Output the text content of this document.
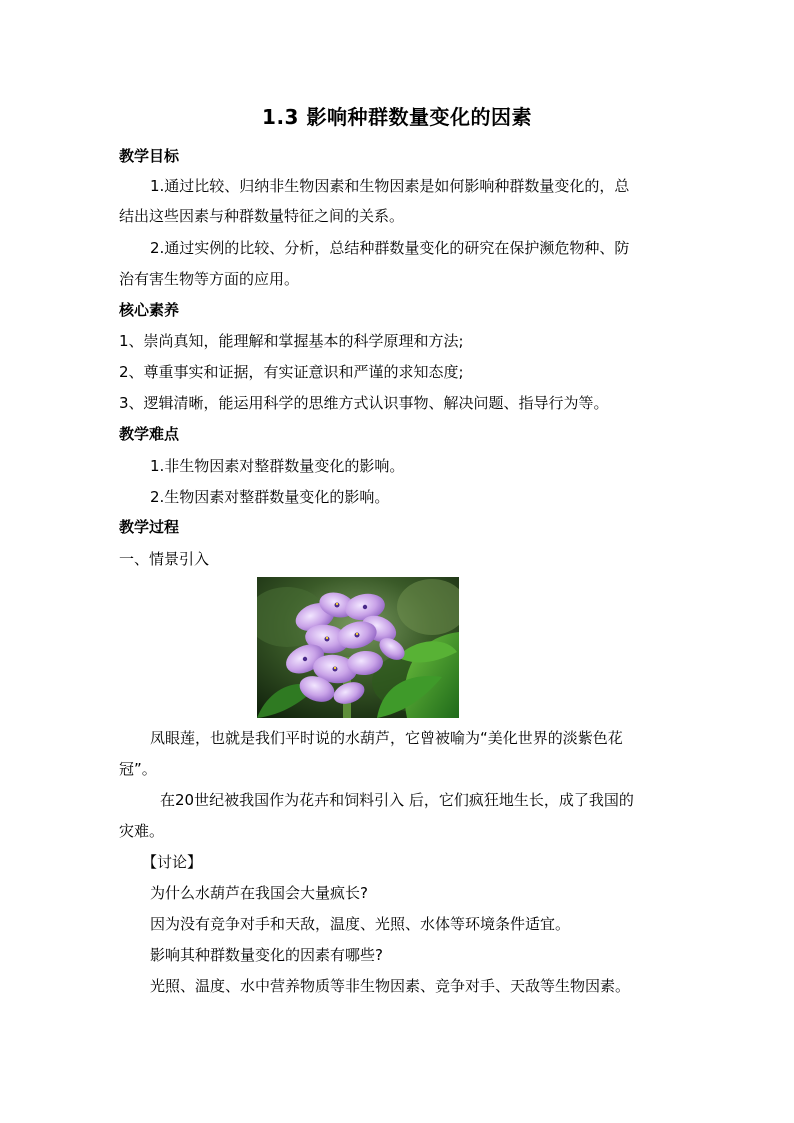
1.3 影响种群数量变化的因素
教学目标
1.通过比较、归纳非生物因素和生物因素是如何影响种群数量变化的，总
结出这些因素与种群数量特征之间的关系。
2.通过实例的比较、分析，总结种群数量变化的研究在保护濒危物种、防
治有害生物等方面的应用。
核心素养
1、崇尚真知，能理解和掌握基本的科学原理和方法;
2、尊重事实和证据，有实证意识和严谨的求知态度;
3、逻辑清晰，能运用科学的思维方式认识事物、解决问题、指导行为等。
教学难点
1.非生物因素对整群数量变化的影响。
2.生物因素对整群数量变化的影响。
教学过程
一、情景引入
凤眼莲，也就是我们平时说的水葫芦，它曾被喻为“美化世界的淡紫色花
冠”。
在20世纪被我国作为花卉和饲料引入 后，它们疯狂地生长，成了我国的
灾难。
【讨论】
为什么水葫芦在我国会大量疯长?
因为没有竞争对手和天敌，温度、光照、水体等环境条件适宜。
影响其种群数量变化的因素有哪些?
光照、温度、水中营养物质等非生物因素、竞争对手、天敌等生物因素。
